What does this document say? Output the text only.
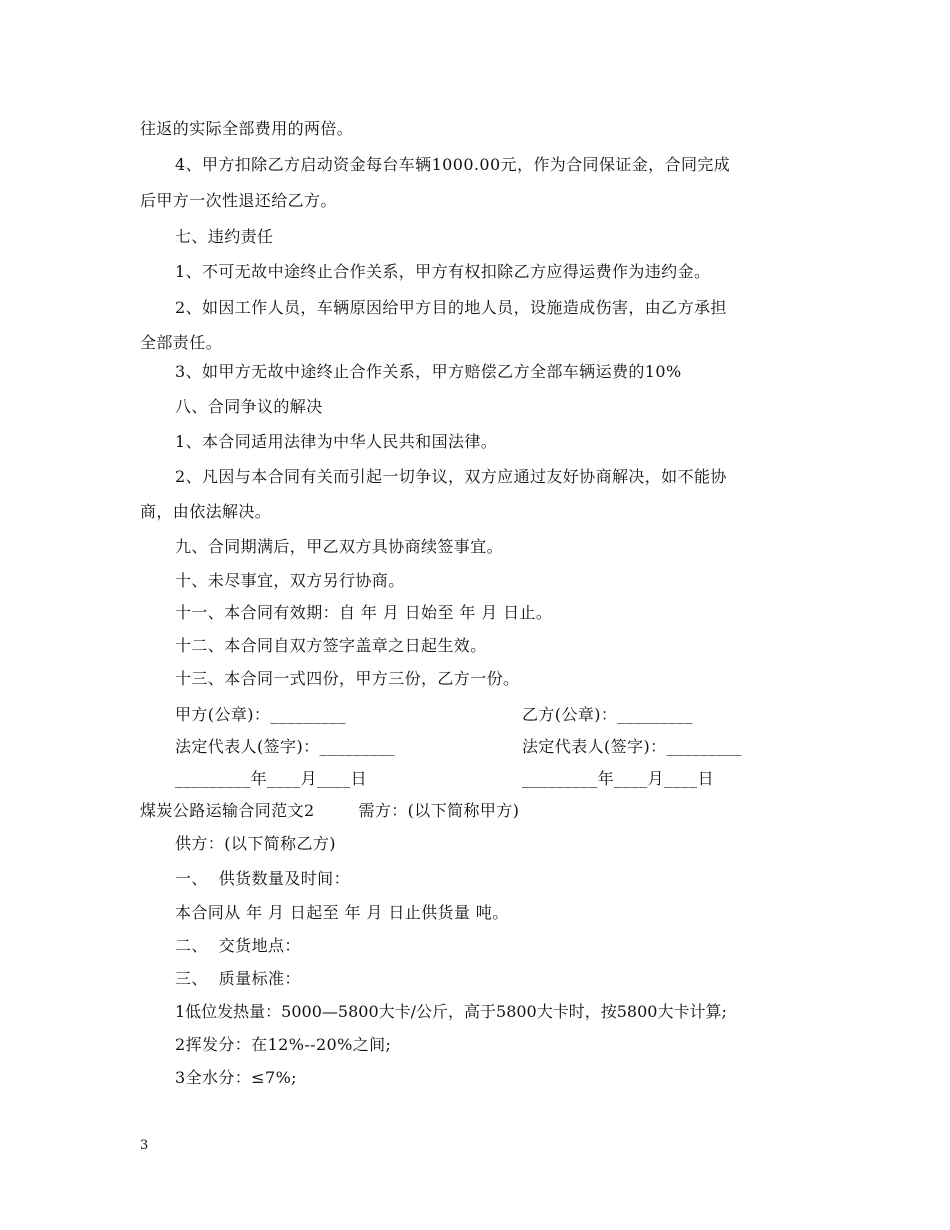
往返的实际全部费用的两倍。
4、甲方扣除乙方启动资金每台车辆1000.00元，作为合同保证金，合同完成
后甲方一次性退还给乙方。
七、违约责任
1、不可无故中途终止合作关系，甲方有权扣除乙方应得运费作为违约金。
2、如因工作人员，车辆原因给甲方目的地人员，设施造成伤害，由乙方承担
全部责任。
3、如甲方无故中途终止合作关系，甲方赔偿乙方全部车辆运费的10%
八、合同争议的解决
1、本合同适用法律为中华人民共和国法律。
2、凡因与本合同有关而引起一切争议，双方应通过友好协商解决，如不能协
商，由依法解决。
九、合同期满后，甲乙双方具协商续签事宜。
十、未尽事宜，双方另行协商。
十一、本合同有效期：自 年 月 日始至 年 月 日止。
十二、本合同自双方签字盖章之日起生效。
十三、本合同一式四份，甲方三份，乙方一份。
甲方(公章)：_________	乙方(公章)：_________
法定代表人(签字)：_________	法定代表人(签字)：_________
_________年____月____日	_________年____月____日
煤炭公路运输合同范文2        需方：(以下简称甲方)
供方：(以下简称乙方)
一、  供货数量及时间：
本合同从 年 月 日起至 年 月 日止供货量 吨。
二、  交货地点：
三、  质量标准：
1低位发热量：5000—5800大卡/公斤，高于5800大卡时，按5800大卡计算;
2挥发分：在12%--20%之间;
3全水分：≤7%;
3
